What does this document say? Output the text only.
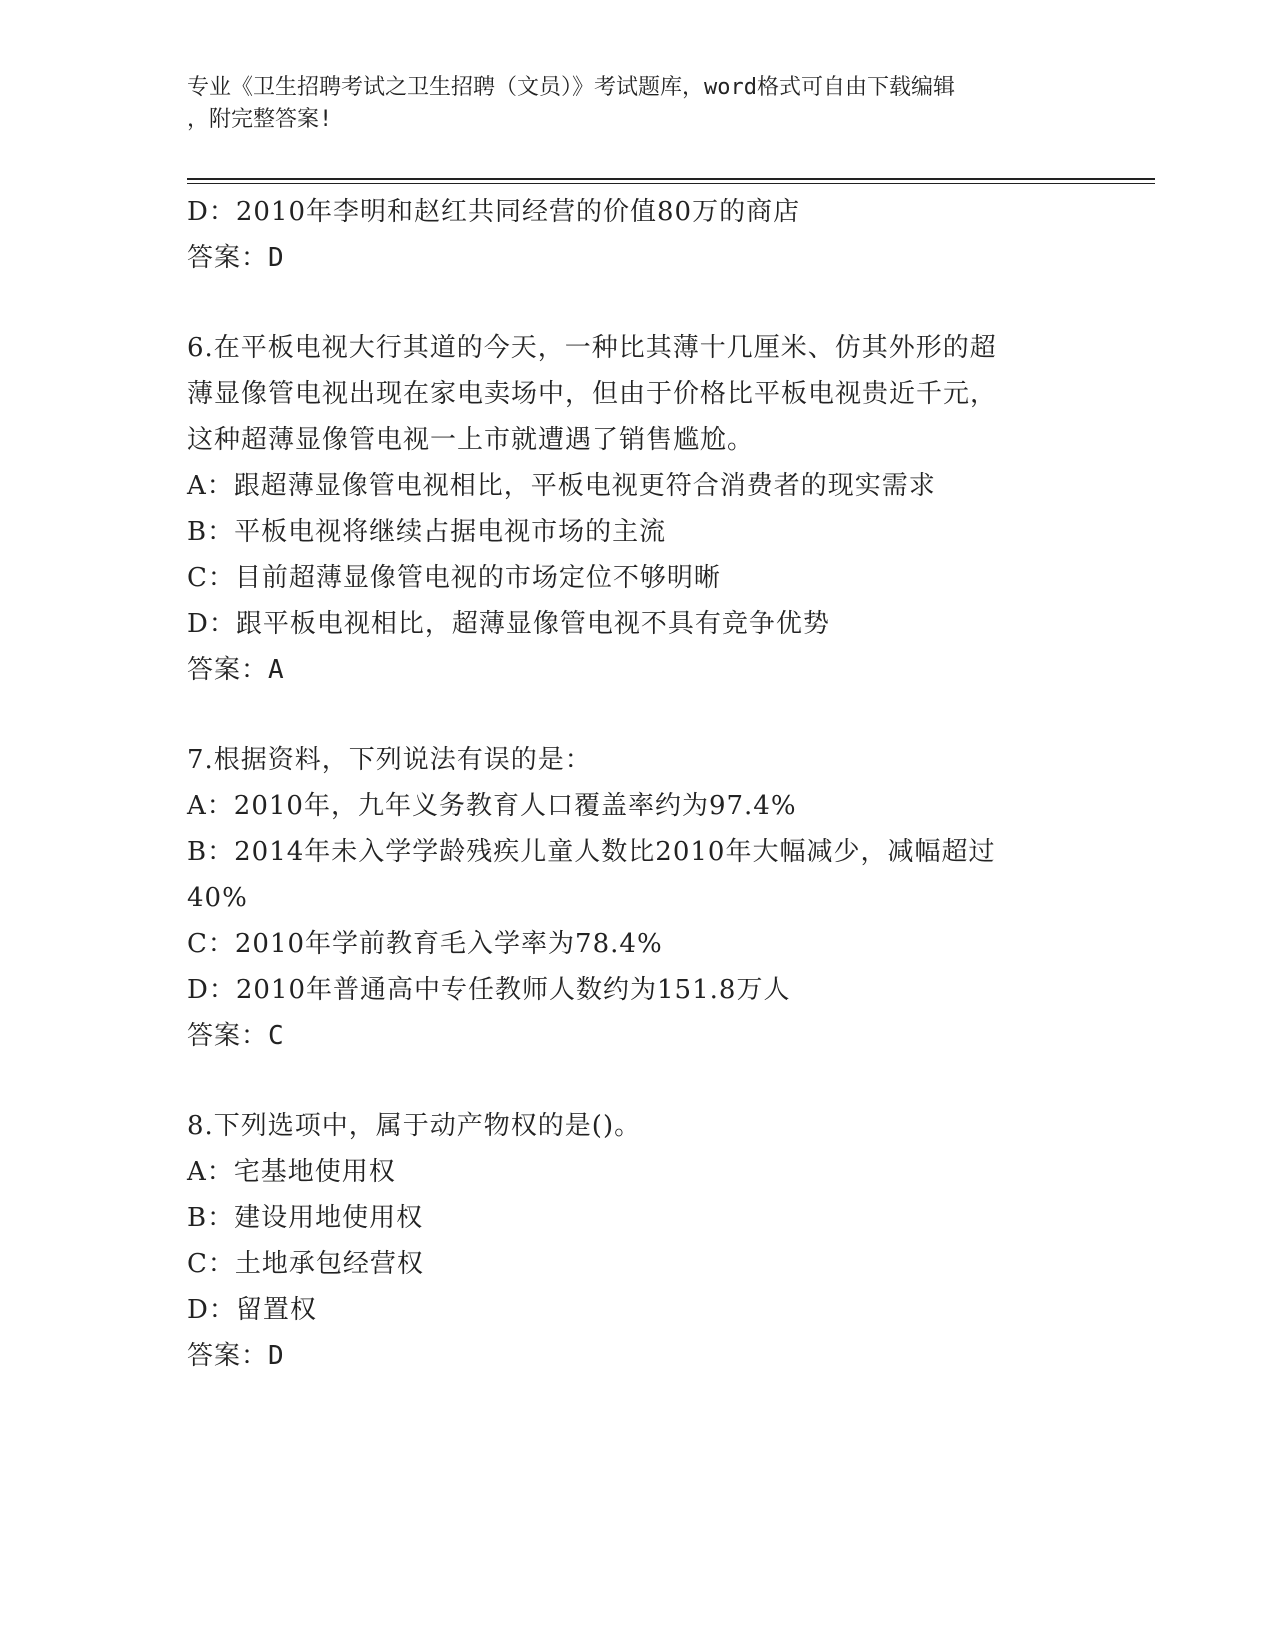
专业《卫生招聘考试之卫生招聘（文员）》考试题库，word格式可自由下载编辑
，附完整答案!
D：2010年李明和赵红共同经营的价值80万的商店
答案：D
6.在平板电视大行其道的今天，一种比其薄十几厘米、仿其外形的超
薄显像管电视出现在家电卖场中，但由于价格比平板电视贵近千元，
这种超薄显像管电视一上市就遭遇了销售尴尬。
A：跟超薄显像管电视相比，平板电视更符合消费者的现实需求
B：平板电视将继续占据电视市场的主流
C：目前超薄显像管电视的市场定位不够明晰
D：跟平板电视相比，超薄显像管电视不具有竞争优势
答案：A
7.根据资料，下列说法有误的是：
A：2010年，九年义务教育人口覆盖率约为97.4%
B：2014年未入学学龄残疾儿童人数比2010年大幅减少，减幅超过
40%
C：2010年学前教育毛入学率为78.4%
D：2010年普通高中专任教师人数约为151.8万人
答案：C
8.下列选项中，属于动产物权的是()。
A：宅基地使用权
B：建设用地使用权
C：土地承包经营权
D：留置权
答案：D
